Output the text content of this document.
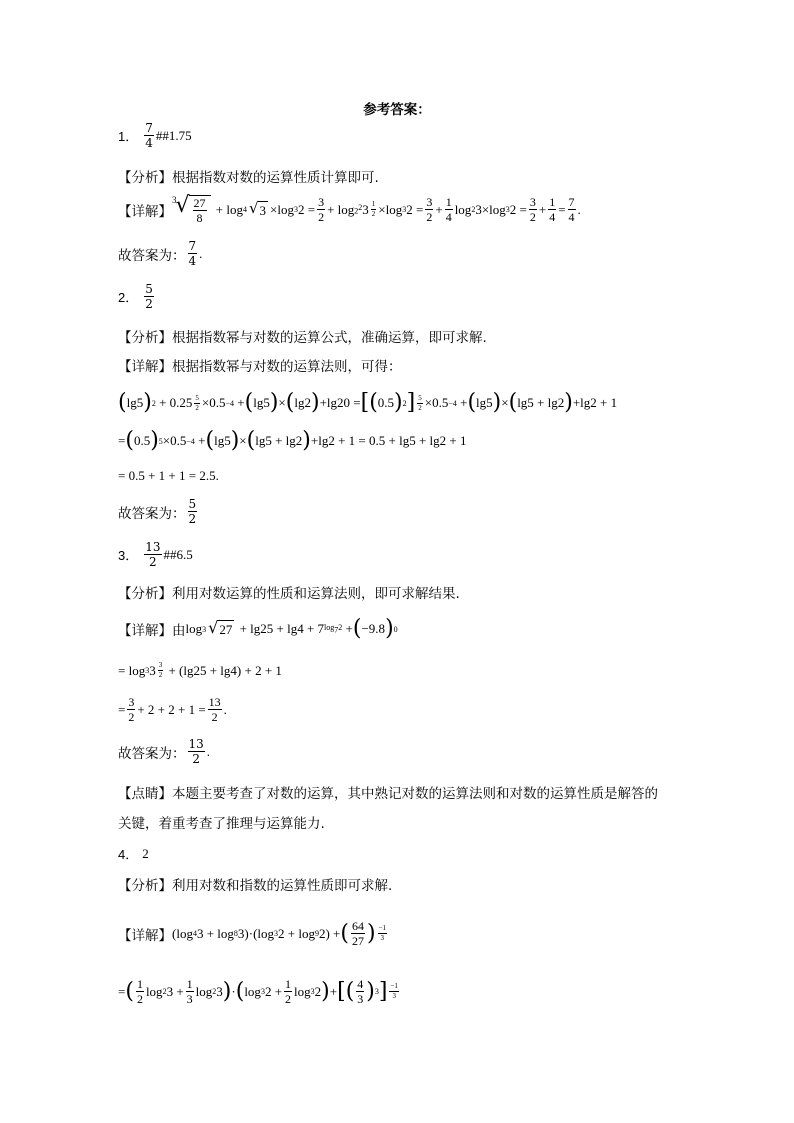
参考答案：
1．
7
4
##1.75
【分析】 根据指数对数的运算性质计算即可.
【详解】
3 √ 27
8
+ log 4 √ 3 ×log 3 2 = 3
2
+ $\log 2^2$ $3 \frac{1}{2} \times\log$ 3 2 = 3
2
+ 1
4
log 2 3×log 3 2 = 3
2
+ 1
4
= 7
4
.
故答案为：
7
4
.
2．
5
2
【分析】 根据指数幂与对数的运算公式，准确运算，即可求解.
【详解】 根据指数幂与对数的运算法则，可得：
( lg5 ) $2 + 0.25 \frac{5}{2} \times 0.5 -4$ + ( lg5 ) × ( lg2 ) +lg20 = [ ( 0.5 ) 2 ] $\frac{5}{2} \times 0.5 -4$ + ( lg5 ) × ( lg5 + lg2 ) +lg2 + 1
= ( 0.5 ) 5 ×0.5 −4 + ( lg5 ) × ( lg5 + lg2 ) +lg2 + 1 = 0.5 + lg5 + lg2 + 1
= 0.5 + 1 + 1 = 2.5 .
故答案为：
5
2
3．
13
2
##6.5
【分析】 利用对数运算的性质和运算法则，即可求解结果.
【详解】 由 log 3 √ 27 + lg25 + lg4 + 7 $\log_72$ + ( −9.8 ) 0
= log 3 $3 \frac{3}{2} + (\lg 25 + \lg 4) + 2 + 1$
= 3
2
+ 2 + 2 + 1 = 13
2
.
故答案为：
13
2
.
【点睛】 本题主要考查了对数的运算，其中熟记对数的运算法则和对数的运算性质是解答的
关键，着重考查了推理与运算能力.
4． 2
【分析】 利用对数和指数的运算性质即可求解.
【详解】 (log 4 3 + log 8 3)·(log 3 2 + log 9 2) + ( 64
27 ) $\frac{-1}{3}$
= ( 1
2
log 2 3 + 1
3
log 2 3 ) · ( log 3 2 + 1
2
log 3 2 ) + [ ( 4
3 ) 3 ] $\frac{-1}{3}$
